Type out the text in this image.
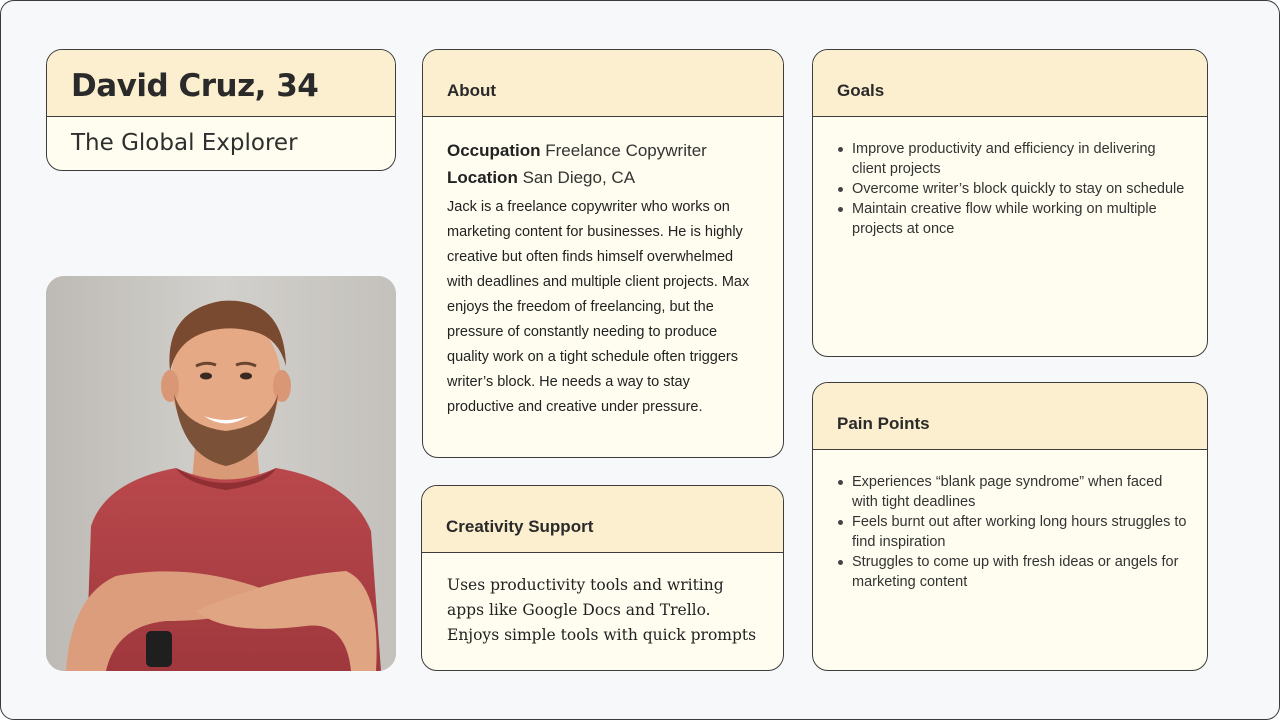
David Cruz, 34
The Global Explorer
About
Occupation Freelance Copywriter
Location San Diego, CA

Jack is a freelance copywriter who works on marketing content for businesses. He is highly creative but often finds himself overwhelmed with deadlines and multiple client projects. Max enjoys the freedom of freelancing, but the pressure of constantly needing to produce quality work on a tight schedule often triggers writer’s block. He needs a way to stay productive and creative under pressure.

Creativity Support
Uses productivity tools and writing apps like Google Docs and Trello. Enjoys simple tools with quick prompts
Goals
Improve productivity and efficiency in delivering client projects
Overcome writer’s block quickly to stay on schedule
Maintain creative flow while working on multiple projects at once
Pain Points
Experiences “blank page syndrome” when faced with tight deadlines
Feels burnt out after working long hours struggles to find inspiration
Struggles to come up with fresh ideas or angels for marketing content
